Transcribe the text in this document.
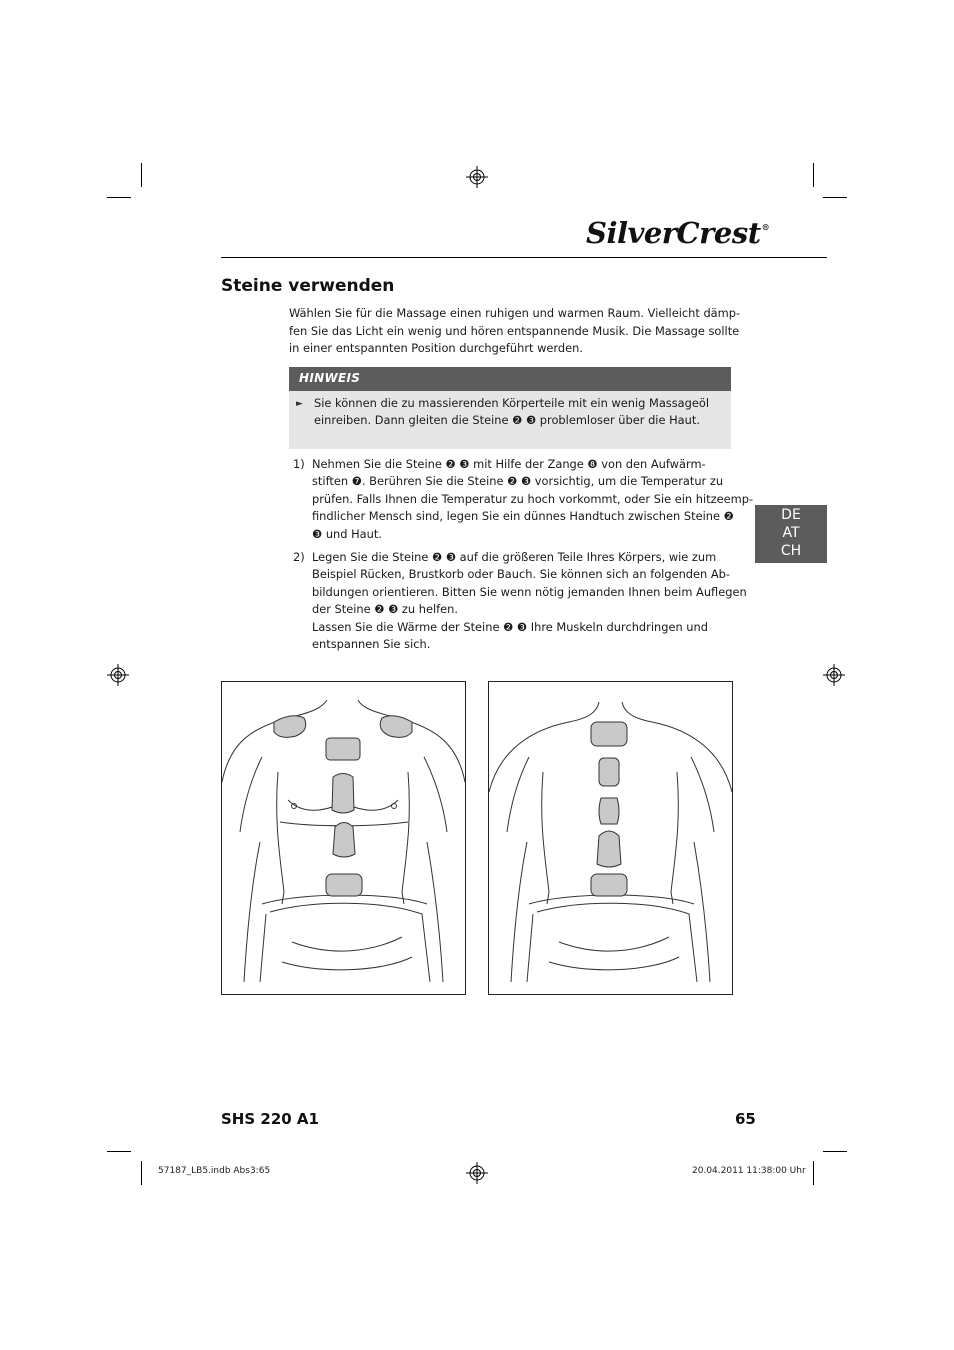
SilverCrest®
Steine verwenden
Wählen Sie für die Massage einen ruhigen und warmen Raum. Vielleicht dämp-
fen Sie das Licht ein wenig und hören entspannende Musik. Die Massage sollte
in einer entspannten Position durchgeführt werden.
HINWEIS
► Sie können die zu massierenden Körperteile mit ein wenig Massageöl
einreiben. Dann gleiten die Steine ❷ ❸ problemloser über die Haut.
1) Nehmen Sie die Steine ❷ ❸ mit Hilfe der Zange ❽ von den Aufwärm-
stiften ❼. Berühren Sie die Steine ❷ ❸ vorsichtig, um die Temperatur zu
prüfen. Falls Ihnen die Temperatur zu hoch vorkommt, oder Sie ein hitzeemp-
findlicher Mensch sind, legen Sie ein dünnes Handtuch zwischen Steine ❷
❸ und Haut.
2) Legen Sie die Steine ❷ ❸ auf die größeren Teile Ihres Körpers, wie zum
Beispiel Rücken, Brustkorb oder Bauch. Sie können sich an folgenden Ab-
bildungen orientieren. Bitten Sie wenn nötig jemanden Ihnen beim Auflegen
der Steine ❷ ❸ zu helfen.
Lassen Sie die Wärme der Steine ❷ ❸ Ihre Muskeln durchdringen und
entspannen Sie sich.
DE
AT
CH
SHS 220 A1	65
57187_LB5.indb Abs3:65	20.04.2011 11:38:00 Uhr
